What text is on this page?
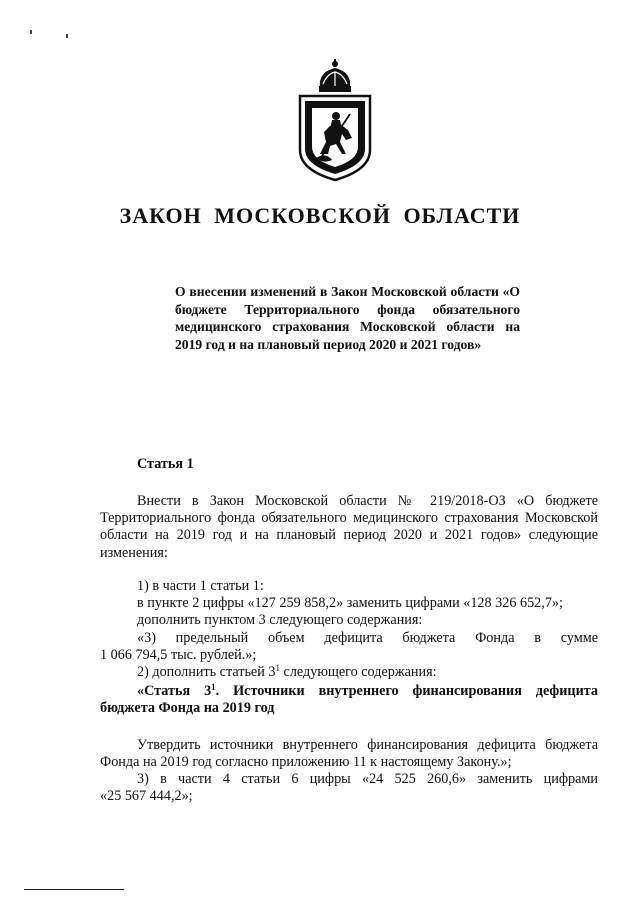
ЗАКОН МОСКОВСКОЙ ОБЛАСТИ
О внесении изменений в Закон Московской области «О бюджете Территориального фонда обязательного медицинского страхования Московской области на 2019 год и на плановый период 2020 и 2021 годов»
Статья 1
Внести в Закон Московской области № 219/2018-ОЗ «О бюджете Территориального фонда обязательного медицинского страхования Московской области на 2019 год и на плановый период 2020 и 2021 годов» следующие изменения:
1) в части 1 статьи 1:
в пункте 2 цифры «127 259 858,2» заменить цифрами «128 326 652,7»;
дополнить пунктом 3 следующего содержания:
«3) предельный объем дефицита бюджета Фонда в сумме
1 066 794,5 тыс. рублей.»;
2) дополнить статьей $3^1$ следующего содержания:
«Статья $3^1$. Источники внутреннего финансирования дефицита бюджета Фонда на 2019 год
Утвердить источники внутреннего финансирования дефицита бюджета Фонда на 2019 год согласно приложению 11 к настоящему Закону.»;
3) в части 4 статьи 6 цифры «24 525 260,6» заменить цифрами
«25 567 444,2»;
